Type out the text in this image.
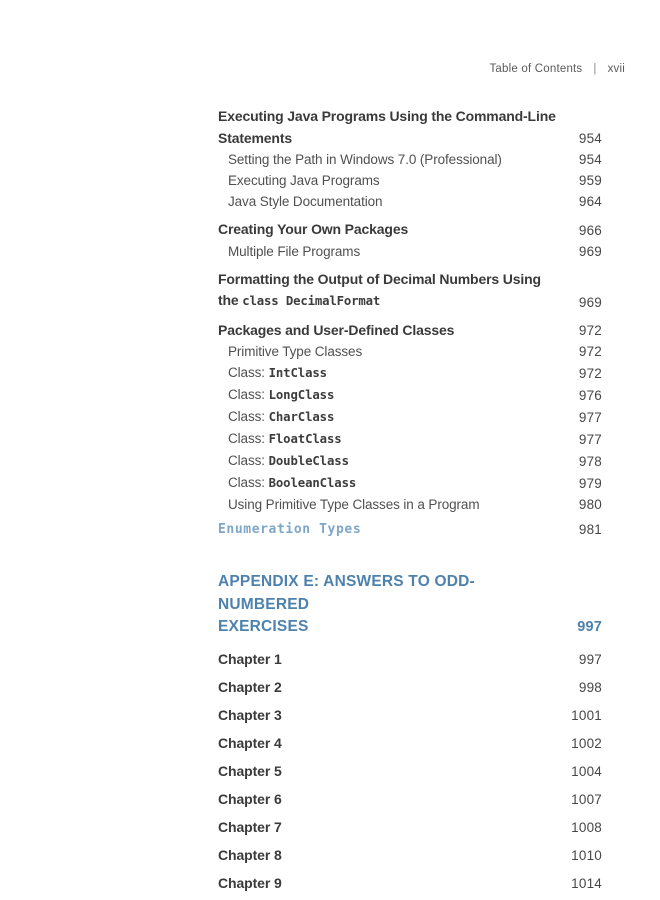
Table of Contents | xvii
Executing Java Programs Using the Command-Line
Statements	954
Setting the Path in Windows 7.0 (Professional)	954
Executing Java Programs	959
Java Style Documentation	964
Creating Your Own Packages	966
Multiple File Programs	969
Formatting the Output of Decimal Numbers Using
the class DecimalFormat	969
Packages and User-Defined Classes	972
Primitive Type Classes	972
Class: IntClass	972
Class: LongClass	976
Class: CharClass	977
Class: FloatClass	977
Class: DoubleClass	978
Class: BooleanClass	979
Using Primitive Type Classes in a Program	980
Enumeration Types	981
APPENDIX E: ANSWERS TO ODD-NUMBERED
EXERCISES	997
Chapter 1	997
Chapter 2	998
Chapter 3	1001
Chapter 4	1002
Chapter 5	1004
Chapter 6	1007
Chapter 7	1008
Chapter 8	1010
Chapter 9	1014
